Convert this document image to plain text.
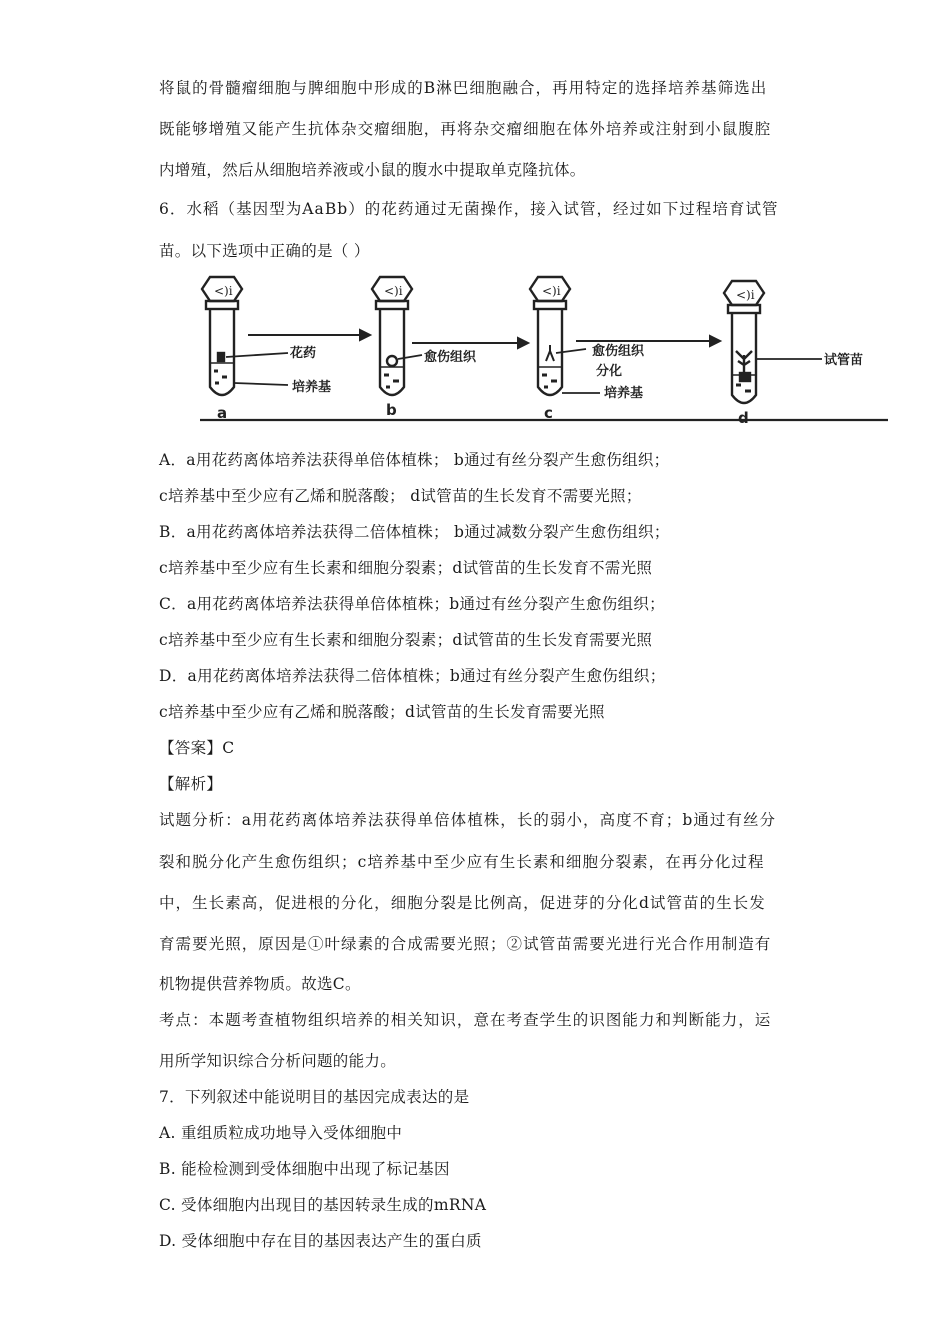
将鼠的骨髓瘤细胞与脾细胞中形成的B淋巴细胞融合，再用特定的选择培养基筛选出
既能够增殖又能产生抗体杂交瘤细胞，再将杂交瘤细胞在体外培养或注射到小鼠腹腔
内增殖，然后从细胞培养液或小鼠的腹水中提取单克隆抗体。
6．水稻（基因型为AaBb）的花药通过无菌操作，接入试管，经过如下过程培育试管
苗。以下选项中正确的是（ ）
<)i	<)i	<)i	<)i
花药
培养基
愈伤组织	愈伤组织
分化
培养基
试管苗
a	b	c	d
A．a用花药离体培养法获得单倍体植株； b通过有丝分裂产生愈伤组织；
c培养基中至少应有乙烯和脱落酸； d试管苗的生长发育不需要光照；
B．a用花药离体培养法获得二倍体植株； b通过减数分裂产生愈伤组织；
c培养基中至少应有生长素和细胞分裂素；d试管苗的生长发育不需光照
C．a用花药离体培养法获得单倍体植株；b通过有丝分裂产生愈伤组织；
c培养基中至少应有生长素和细胞分裂素；d试管苗的生长发育需要光照
D．a用花药离体培养法获得二倍体植株；b通过有丝分裂产生愈伤组织；
c培养基中至少应有乙烯和脱落酸；d试管苗的生长发育需要光照
【答案】C
【解析】
试题分析：a用花药离体培养法获得单倍体植株，长的弱小，高度不育；b通过有丝分
裂和脱分化产生愈伤组织；c培养基中至少应有生长素和细胞分裂素，在再分化过程
中，生长素高，促进根的分化，细胞分裂是比例高，促进芽的分化d试管苗的生长发
育需要光照，原因是①叶绿素的合成需要光照；②试管苗需要光进行光合作用制造有
机物提供营养物质。故选C。
考点：本题考查植物组织培养的相关知识，意在考查学生的识图能力和判断能力，运
用所学知识综合分析问题的能力。
7．下列叙述中能说明目的基因完成表达的是
A. 重组质粒成功地导入受体细胞中
B. 能检检测到受体细胞中出现了标记基因
C. 受体细胞内出现目的基因转录生成的mRNA
D. 受体细胞中存在目的基因表达产生的蛋白质
